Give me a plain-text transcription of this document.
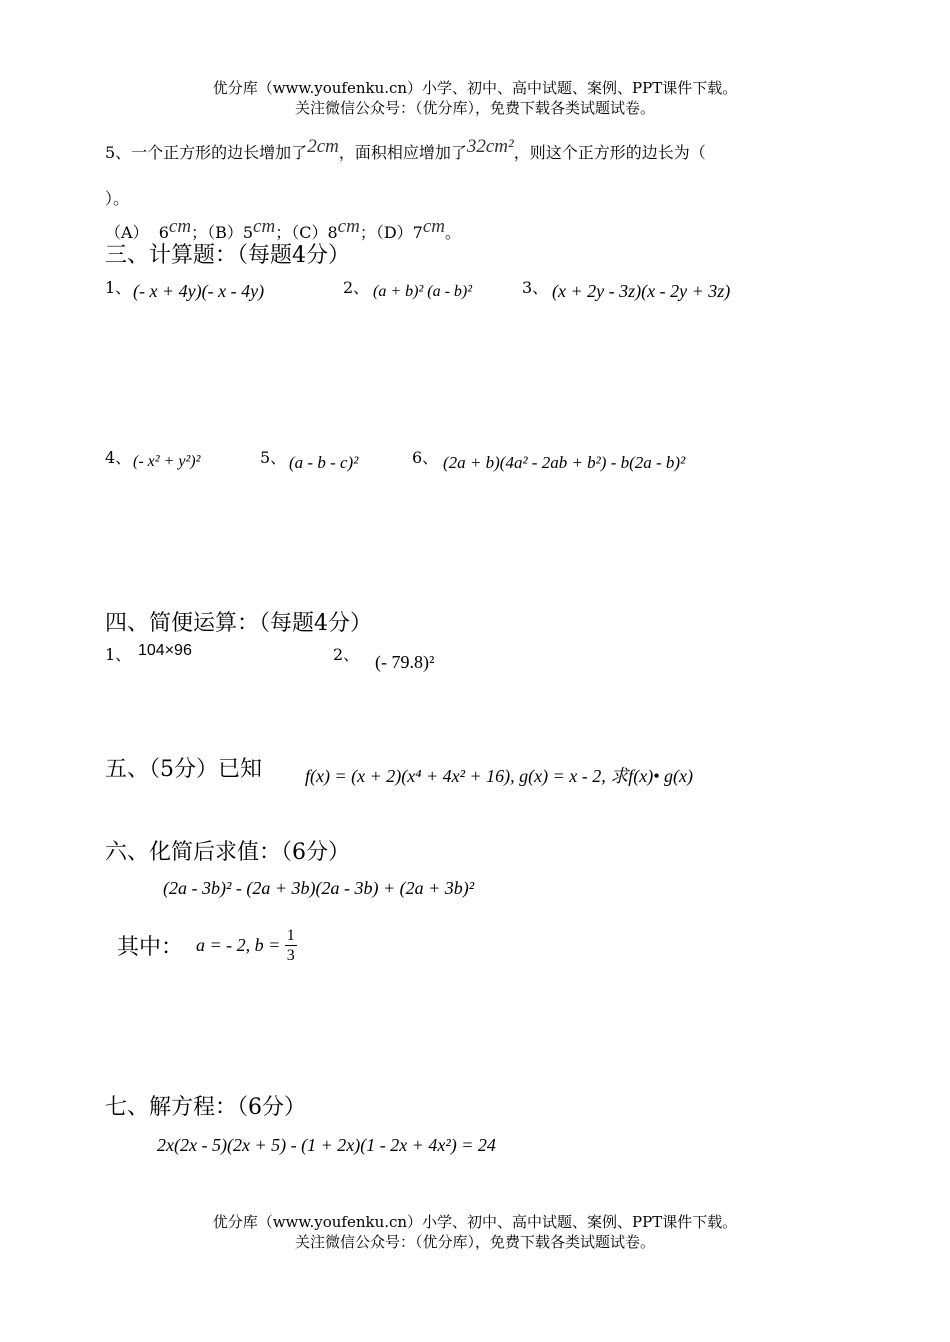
优分库（www.youfenku.cn）小学、初中、高中试题、案例、PPT课件下载。
关注微信公众号：（优分库），免费下载各类试题试卷。
5、一个正方形的边长增加了2cm，面积相应增加了32cm²，则这个正方形的边长为（
）。
（A） 6cm；（B）5cm；（C）8cm；（D）7cm。
三、计算题：（每题4分）
1、 (- x + 4y)(- x - 4y)	2、 (a + b)² (a - b)²	3、 (x + 2y - 3z)(x - 2y + 3z)
4、 (- x² + y²)²	5、 (a - b - c)²	6、 (2a + b)(4a² - 2ab + b²) - b(2a - b)²
四、简便运算：（每题4分）
1、 104×96	2、 (- 79.8)²
五、（5分）已知 f(x) = (x + 2)(x⁴ + 4x² + 16), g(x) = x - 2, 求f(x)• g(x)
六、化简后求值：（6分）
(2a - 3b)² - (2a + 3b)(2a - 3b) + (2a + 3b)²
其中： a = - 2, $b = \frac{1}{3}$
七、解方程：（6分）
2x(2x - 5)(2x + 5) - (1 + 2x)(1 - 2x + 4x²) = 24
优分库（www.youfenku.cn）小学、初中、高中试题、案例、PPT课件下载。
关注微信公众号：（优分库），免费下载各类试题试卷。
